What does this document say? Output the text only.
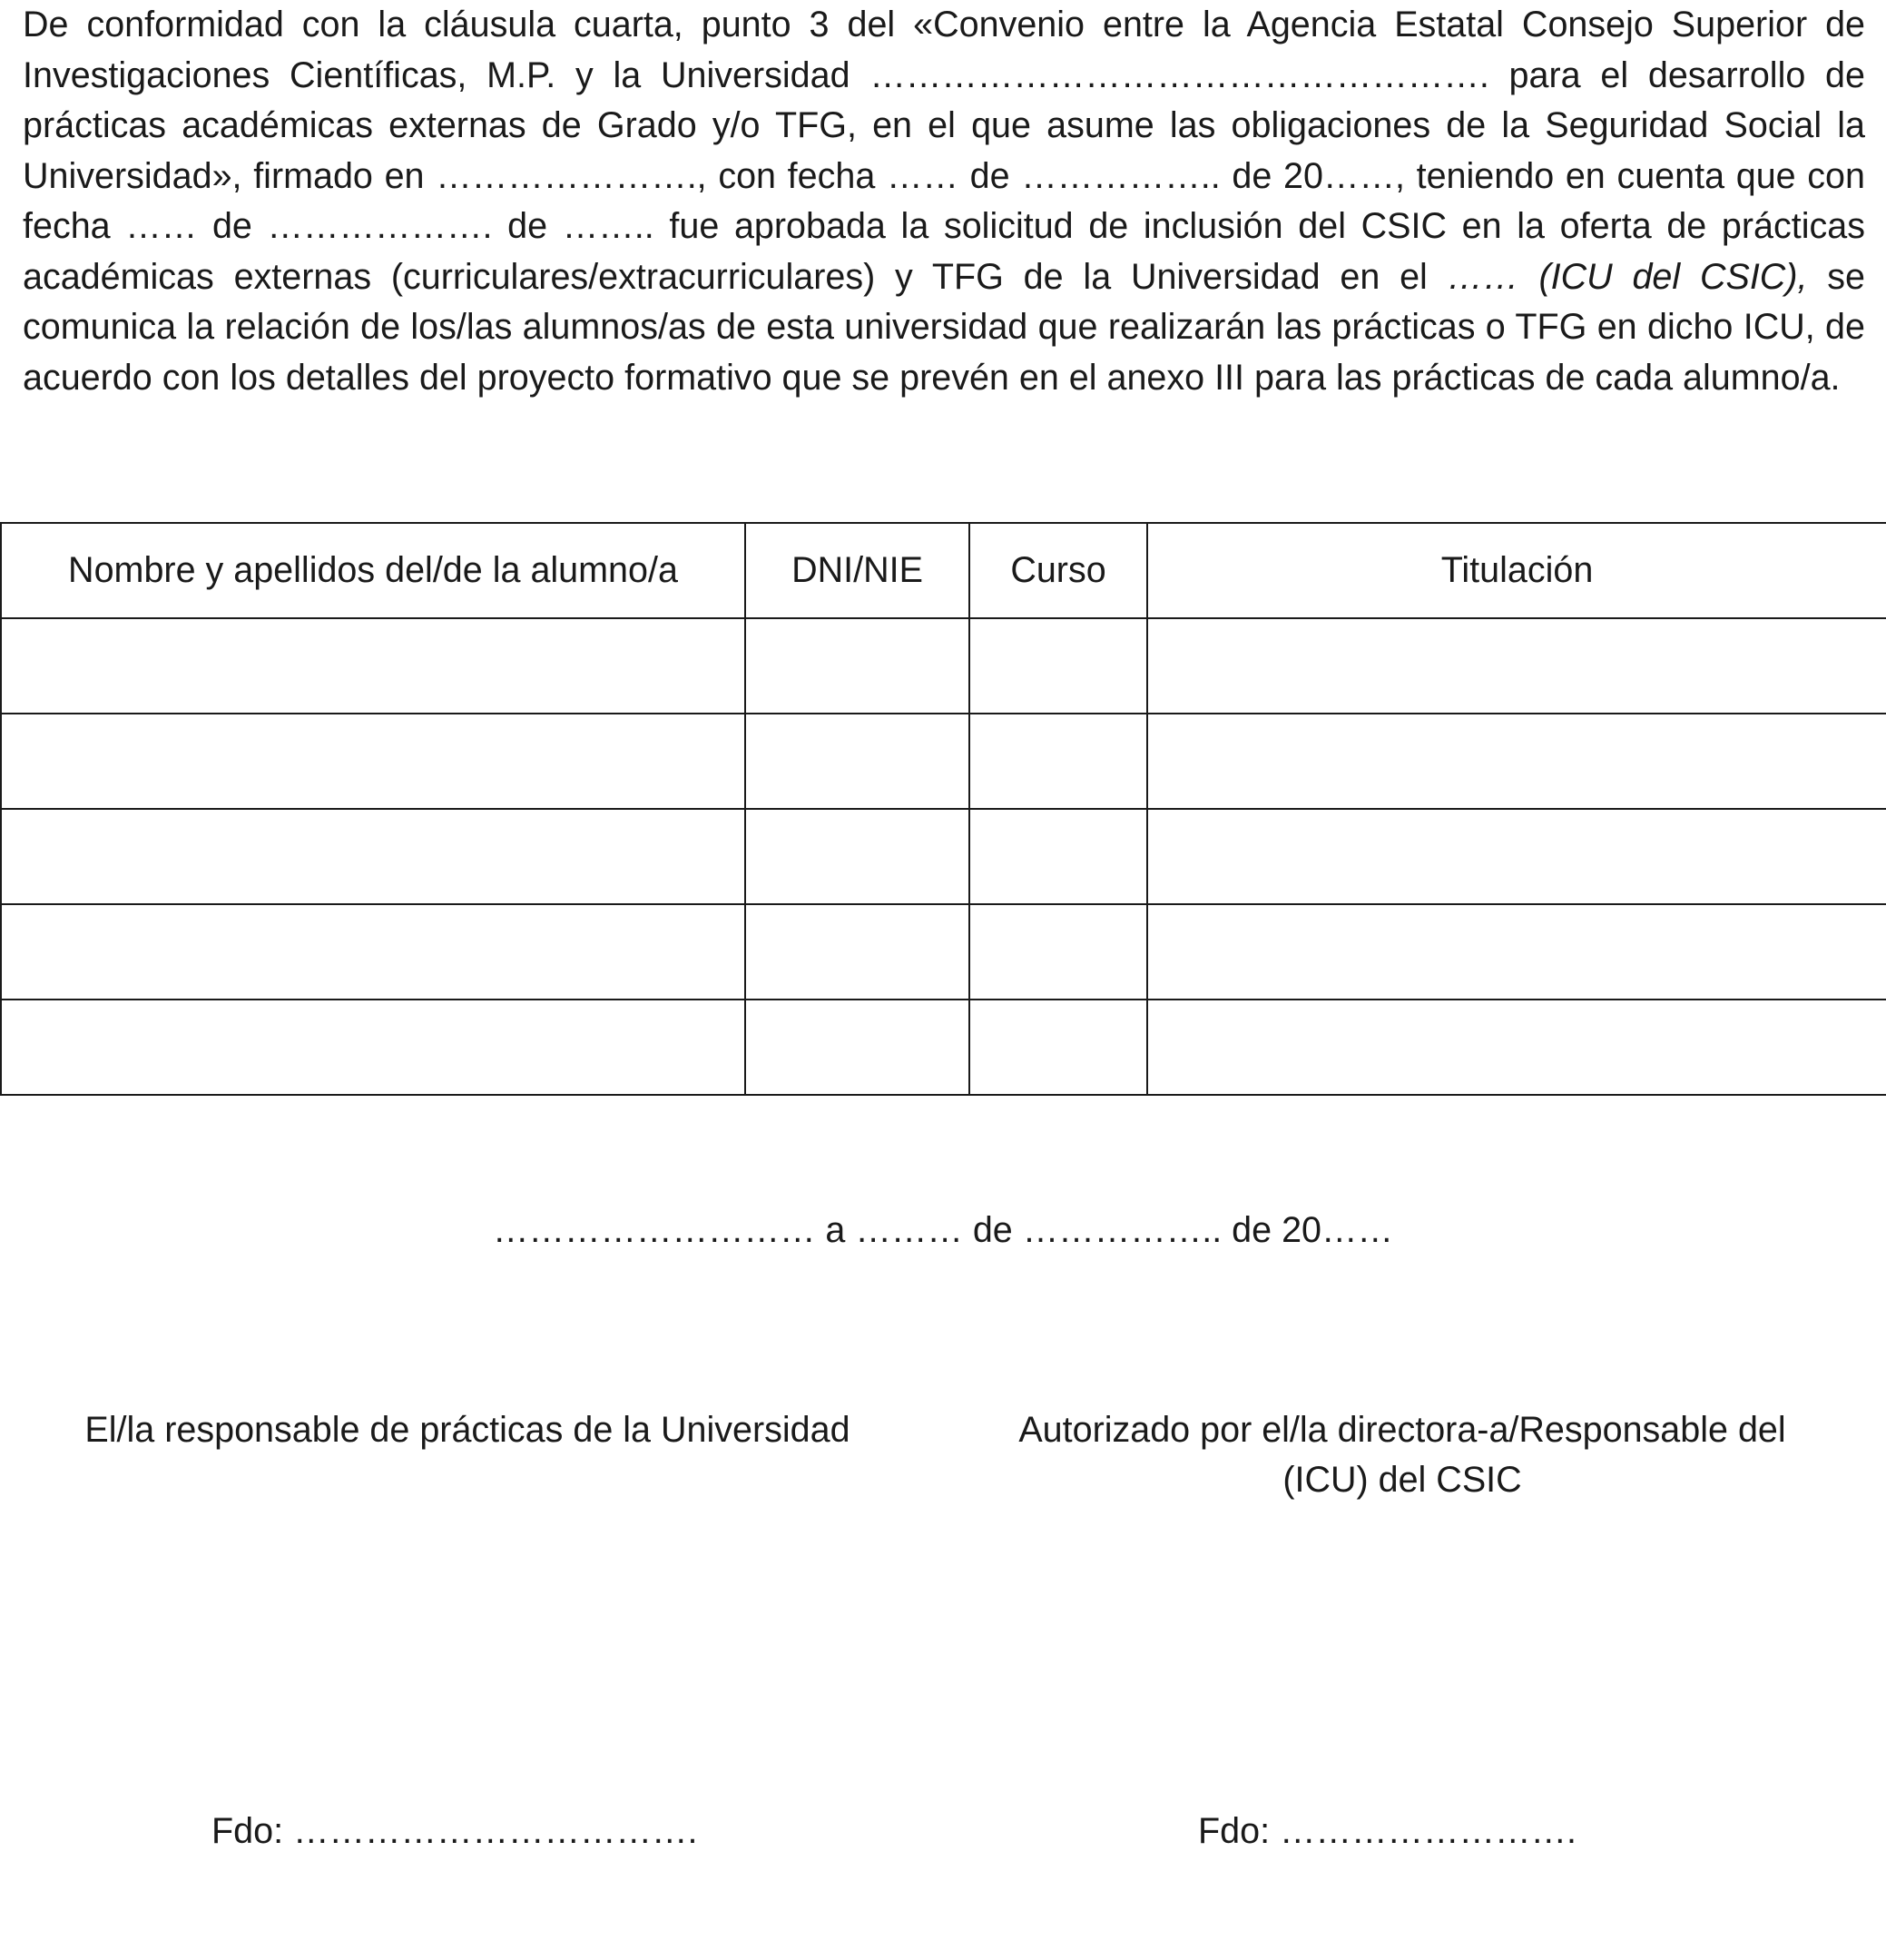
De conformidad con la cláusula cuarta, punto 3 del «Convenio entre la Agencia Estatal Consejo Superior de Investigaciones Científicas, M.P. y la Universidad ……………………………………………. para el desarrollo de prácticas académicas externas de Grado y/o TFG, en el que asume las obligaciones de la Seguridad Social la Universidad», firmado en …………………., con fecha …… de …………….. de 20……, teniendo en cuenta que con fecha …… de ………………. de …….. fue aprobada la solicitud de inclusión del CSIC en la oferta de prácticas académicas externas (curriculares/extracurriculares) y TFG de la Universidad en el …… (ICU del CSIC), se comunica la relación de los/las alumnos/as de esta universidad que realizarán las prácticas o TFG en dicho ICU, de acuerdo con los detalles del proyecto formativo que se prevén en el anexo III para las prácticas de cada alumno/a.

Nombre y apellidos del/de la alumno/a	DNI/NIE	Curso	Titulación

……………………… a ……… de …………….. de 20……
El/la responsable de prácticas de la Universidad	Autorizado por el/la directora-a/Responsable del
(ICU) del CSIC
Fdo: …………………………….	Fdo: …………………….
